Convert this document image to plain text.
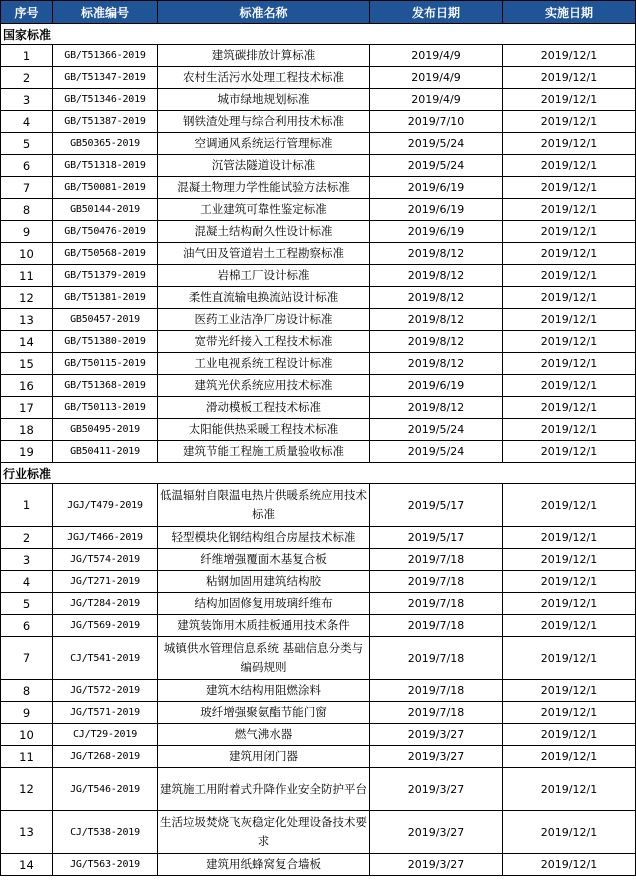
序号	标准编号	标准名称	发布日期	实施日期
国家标准				
1	GB/T51366-2019	建筑碳排放计算标准	2019/4/9	2019/12/1
2	GB/T51347-2019	农村生活污水处理工程技术标准	2019/4/9	2019/12/1
3	GB/T51346-2019	城市绿地规划标准	2019/4/9	2019/12/1
4	GB/T51387-2019	钢铁渣处理与综合利用技术标准	2019/7/10	2019/12/1
5	GB50365-2019	空调通风系统运行管理标准	2019/5/24	2019/12/1
6	GB/T51318-2019	沉管法隧道设计标准	2019/5/24	2019/12/1
7	GB/T50081-2019	混凝土物理力学性能试验方法标准	2019/6/19	2019/12/1
8	GB50144-2019	工业建筑可靠性鉴定标准	2019/6/19	2019/12/1
9	GB/T50476-2019	混凝土结构耐久性设计标准	2019/6/19	2019/12/1
10	GB/T50568-2019	油气田及管道岩土工程勘察标准	2019/8/12	2019/12/1
11	GB/T51379-2019	岩棉工厂设计标准	2019/8/12	2019/12/1
12	GB/T51381-2019	柔性直流输电换流站设计标准	2019/8/12	2019/12/1
13	GB50457-2019	医药工业洁净厂房设计标准	2019/8/12	2019/12/1
14	GB/T51380-2019	宽带光纤接入工程技术标准	2019/8/12	2019/12/1
15	GB/T50115-2019	工业电视系统工程设计标准	2019/8/12	2019/12/1
16	GB/T51368-2019	建筑光伏系统应用技术标准	2019/6/19	2019/12/1
17	GB/T50113-2019	滑动模板工程技术标准	2019/8/12	2019/12/1
18	GB50495-2019	太阳能供热采暖工程技术标准	2019/5/24	2019/12/1
19	GB50411-2019	建筑节能工程施工质量验收标准	2019/5/24	2019/12/1
行业标准				
1	JGJ/T479-2019	低温辐射自限温电热片供暖系统应用技术标准	2019/5/17	2019/12/1
2	JGJ/T466-2019	轻型模块化钢结构组合房屋技术标准	2019/5/17	2019/12/1
3	JG/T574-2019	纤维增强覆面木基复合板	2019/7/18	2019/12/1
4	JG/T271-2019	粘钢加固用建筑结构胶	2019/7/18	2019/12/1
5	JG/T284-2019	结构加固修复用玻璃纤维布	2019/7/18	2019/12/1
6	JG/T569-2019	建筑装饰用木质挂板通用技术条件	2019/7/18	2019/12/1
7	CJ/T541-2019	城镇供水管理信息系统 基础信息分类与编码规则	2019/7/18	2019/12/1
8	JG/T572-2019	建筑木结构用阻燃涂料	2019/7/18	2019/12/1
9	JG/T571-2019	玻纤增强聚氨酯节能门窗	2019/7/18	2019/12/1
10	CJ/T29-2019	燃气沸水器	2019/3/27	2019/12/1
11	JG/T268-2019	建筑用闭门器	2019/3/27	2019/12/1
12	JG/T546-2019	建筑施工用附着式升降作业安全防护平台	2019/3/27	2019/12/1
13	CJ/T538-2019	生活垃圾焚烧飞灰稳定化处理设备技术要求	2019/3/27	2019/12/1
14	JG/T563-2019	建筑用纸蜂窝复合墙板	2019/3/27	2019/12/1
